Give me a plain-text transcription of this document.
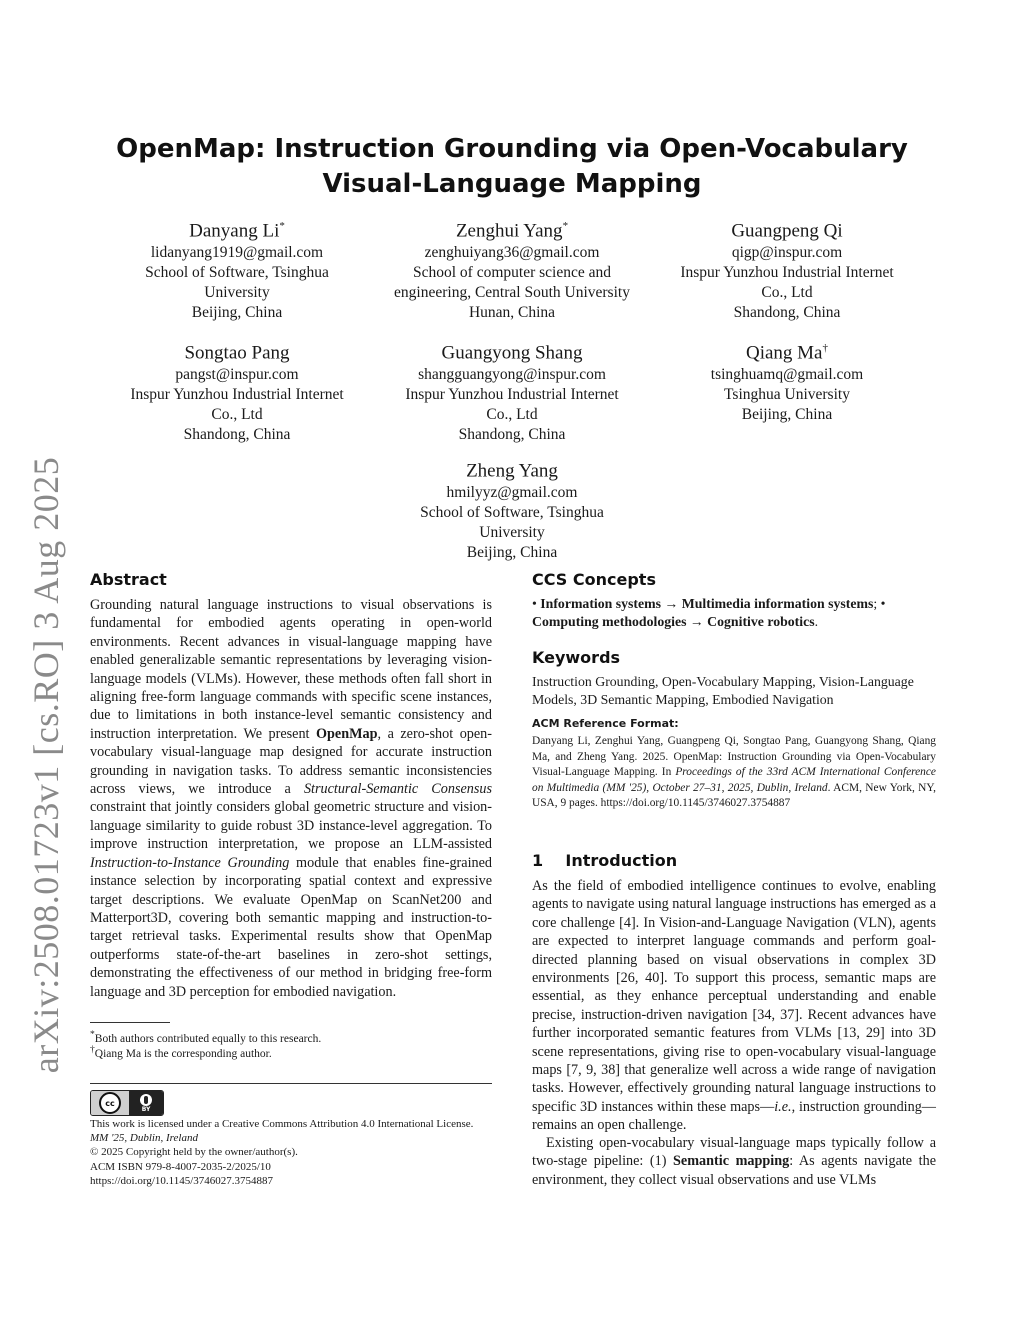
arXiv:2508.01723v1 [cs.RO] 3 Aug 2025
OpenMap: Instruction Grounding via Open-Vocabulary
Visual-Language Mapping
Danyang Li*
lidanyang1919@gmail.com
School of Software, Tsinghua
University
Beijing, China
Zenghui Yang*
zenghuiyang36@gmail.com
School of computer science and
engineering, Central South University
Hunan, China
Guangpeng Qi
qigp@inspur.com
Inspur Yunzhou Industrial Internet
Co., Ltd
Shandong, China
Songtao Pang
pangst@inspur.com
Inspur Yunzhou Industrial Internet
Co., Ltd
Shandong, China
Guangyong Shang
shangguangyong@inspur.com
Inspur Yunzhou Industrial Internet
Co., Ltd
Shandong, China
Qiang Ma†
tsinghuamq@gmail.com
Tsinghua University
Beijing, China
Zheng Yang
hmilyyz@gmail.com
School of Software, Tsinghua
University
Beijing, China
Abstract
Grounding natural language instructions to visual observations is fundamental for embodied agents operating in open-world environments. Recent advances in visual-language mapping have enabled generalizable semantic representations by leveraging vision-language models (VLMs). However, these methods often fall short in aligning free-form language commands with specific scene instances, due to limitations in both instance-level semantic consistency and instruction interpretation. We present OpenMap, a zero-shot open-vocabulary visual-language map designed for accurate instruction grounding in navigation tasks. To address semantic inconsistencies across views, we introduce a Structural-Semantic Consensus constraint that jointly considers global geometric structure and vision-language similarity to guide robust 3D instance-level aggregation. To improve instruction interpretation, we propose an LLM-assisted Instruction-to-Instance Grounding module that enables fine-grained instance selection by incorporating spatial context and expressive target descriptions. We evaluate OpenMap on ScanNet200 and Matterport3D, covering both semantic mapping and instruction-to-target retrieval tasks. Experimental results show that OpenMap outperforms state-of-the-art baselines in zero-shot settings, demonstrating the effectiveness of our method in bridging free-form language and 3D perception for embodied navigation.
*Both authors contributed equally to this research.
†Qiang Ma is the corresponding author.
cc
BY
This work is licensed under a Creative Commons Attribution 4.0 International License.
MM '25, Dublin, Ireland
© 2025 Copyright held by the owner/author(s).
ACM ISBN 979-8-4007-2035-2/2025/10
https://doi.org/10.1145/3746027.3754887
CCS Concepts
• Information systems → Multimedia information systems; • Computing methodologies → Cognitive robotics.
Keywords
Instruction Grounding, Open-Vocabulary Mapping, Vision-Language Models, 3D Semantic Mapping, Embodied Navigation
ACM Reference Format:
Danyang Li, Zenghui Yang, Guangpeng Qi, Songtao Pang, Guangyong Shang, Qiang Ma, and Zheng Yang. 2025. OpenMap: Instruction Grounding via Open-Vocabulary Visual-Language Mapping. In Proceedings of the 33rd ACM International Conference on Multimedia (MM '25), October 27–31, 2025, Dublin, Ireland. ACM, New York, NY, USA, 9 pages. https://doi.org/10.1145/3746027.3754887
1    Introduction
As the field of embodied intelligence continues to evolve, enabling agents to navigate using natural language instructions has emerged as a core challenge [4]. In Vision-and-Language Navigation (VLN), agents are expected to interpret language commands and perform goal-directed planning based on visual observations in complex 3D environments [26, 40]. To support this process, semantic maps are essential, as they enhance perceptual understanding and enable precise, instruction-driven navigation [34, 37]. Recent advances have further incorporated semantic features from VLMs [13, 29] into 3D scene representations, giving rise to open-vocabulary visual-language maps [7, 9, 38] that generalize well across a wide range of navigation tasks. However, effectively grounding natural language instructions to specific 3D instances within these maps—i.e., instruction grounding—remains an open challenge.
Existing open-vocabulary visual-language maps typically follow a two-stage pipeline: (1) Semantic mapping: As agents navigate the environment, they collect visual observations and use VLMs
